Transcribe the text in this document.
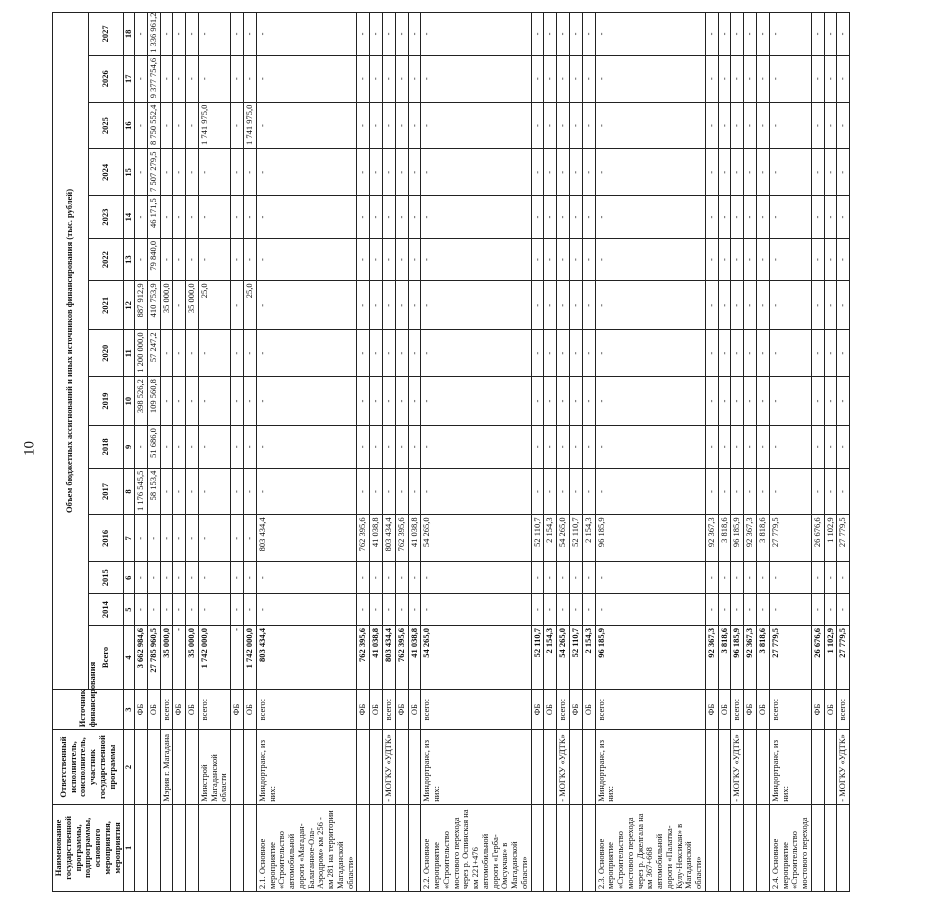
10
Наименование государственной программы, подпрограммы, основного мероприятия, мероприятия	Ответственный исполнитель, соисполнитель, участник государственной программы	Источник финансирования	Объем бюджетных ассигнований и иных источников финансирования (тыс. рублей)														
			Всего	2014	2015	2016	2017	2018	2019	2020	2021	2022	2023	2024	2025	2026	2027
1	2	3	4	5	6	7	8	9	10	11	12	13	14	15	16	17	18
		ФБ	3 662 984,6	-	-	-	1 176 545,5	-	398 526,2	1 200 000,0	887 912,9	-	-	-	-	-	-
		ОБ	27 785 960,5	-	-	-	58 153,4	51 686,0	109 560,8	57 247,2	410 753,9	79 840,0	46 171,5	7 507 279,5	8 750 552,4	9 377 754,6	1 336 961,2
	Мэрия г. Магадана	всего:	35 000,0	-	-	-	-	-	-	-	35 000,0	-	-	-	-	-	-
		ФБ	-	-	-	-	-	-	-	-	-	-	-	-	-	-	-
		ОБ	35 000,0	-	-	-	-	-	-	-	35 000,0	-	-	-	-	-	-
	Минстрой Магаданской области	всего:	1 742 000,0	-	-	-	-	-	-	-	25,0	-	-	-	1 741 975,0	-	-
		ФБ	-	-	-	-	-	-	-	-	-	-	-	-	-	-	-
		ОБ	1 742 000,0	-	-	-	-	-	-	-	25,0	-	-	-	1 741 975,0	-	-
2.1. Основное мероприятие «Строительство автомобильной дороги «Магадан-Балаганное-Ола-Аэродром» км 256 - км 281 на территории Магаданской области»	Миндортранс, из них:	всего:	803 434,4	-	-	803 434,4	-	-	-	-	-	-	-	-	-	-	-
		ФБ	762 395,6	-	-	762 395,6	-	-	-	-	-	-	-	-	-	-	-
		ОБ	41 038,8	-	-	41 038,8	-	-	-	-	-	-	-	-	-	-	-
	- МОГКУ «УДТК»	всего:	803 434,4	-	-	803 434,4	-	-	-	-	-	-	-	-	-	-	-
		ФБ	762 395,6	-	-	762 395,6	-	-	-	-	-	-	-	-	-	-	-
		ОБ	41 038,8	-	-	41 038,8	-	-	-	-	-	-	-	-	-	-	-
2.2. Основное мероприятие «Строительство мостового перехода через р. Оспинская на км 221+476 автомобильной дороги «Герба-Омсукчан» в Магаданской области»	Миндортранс, из них:	всего:	54 265,0	-	-	54 265,0	-	-	-	-	-	-	-	-	-	-	-
		ФБ	52 110,7	-	-	52 110,7	-	-	-	-	-	-	-	-	-	-	-
		ОБ	2 154,3	-	-	2 154,3	-	-	-	-	-	-	-	-	-	-	-
	- МОГКУ «УДТК»	всего:	54 265,0	-	-	54 265,0	-	-	-	-	-	-	-	-	-	-	-
		ФБ	52 110,7	-	-	52 110,7	-	-	-	-	-	-	-	-	-	-	-
		ОБ	2 154,3	-	-	2 154,3	-	-	-	-	-	-	-	-	-	-	-
2.3. Основное мероприятие «Строительство мостового перехода через р. Джелгала на км 367+668 автомобильной дороги «Палатка-Кулу-Нексикан» в Магаданской области»	Миндортранс, из них:	всего:	96 185,9	-	-	96 185,9	-	-	-	-	-	-	-	-	-	-	-
		ФБ	92 367,3	-	-	92 367,3	-	-	-	-	-	-	-	-	-	-	-
		ОБ	3 818,6	-	-	3 818,6	-	-	-	-	-	-	-	-	-	-	-
	- МОГКУ «УДТК»	всего:	96 185,9	-	-	96 185,9	-	-	-	-	-	-	-	-	-	-	-
		ФБ	92 367,3	-	-	92 367,3	-	-	-	-	-	-	-	-	-	-	-
		ОБ	3 818,6	-	-	3 818,6	-	-	-	-	-	-	-	-	-	-	-
2.4. Основное мероприятие «Строительство мостового перехода	Миндортранс, из них:	всего:	27 779,5	-	-	27 779,5	-	-	-	-	-	-	-	-	-	-	-
		ФБ	26 676,6	-	-	26 676,6	-	-	-	-	-	-	-	-	-	-	-
		ОБ	1 102,9	-	-	1 102,9	-	-	-	-	-	-	-	-	-	-	-
	- МОГКУ «УДТК»	всего:	27 779,5	-	-	27 779,5	-	-	-	-	-	-	-	-	-	-	-
